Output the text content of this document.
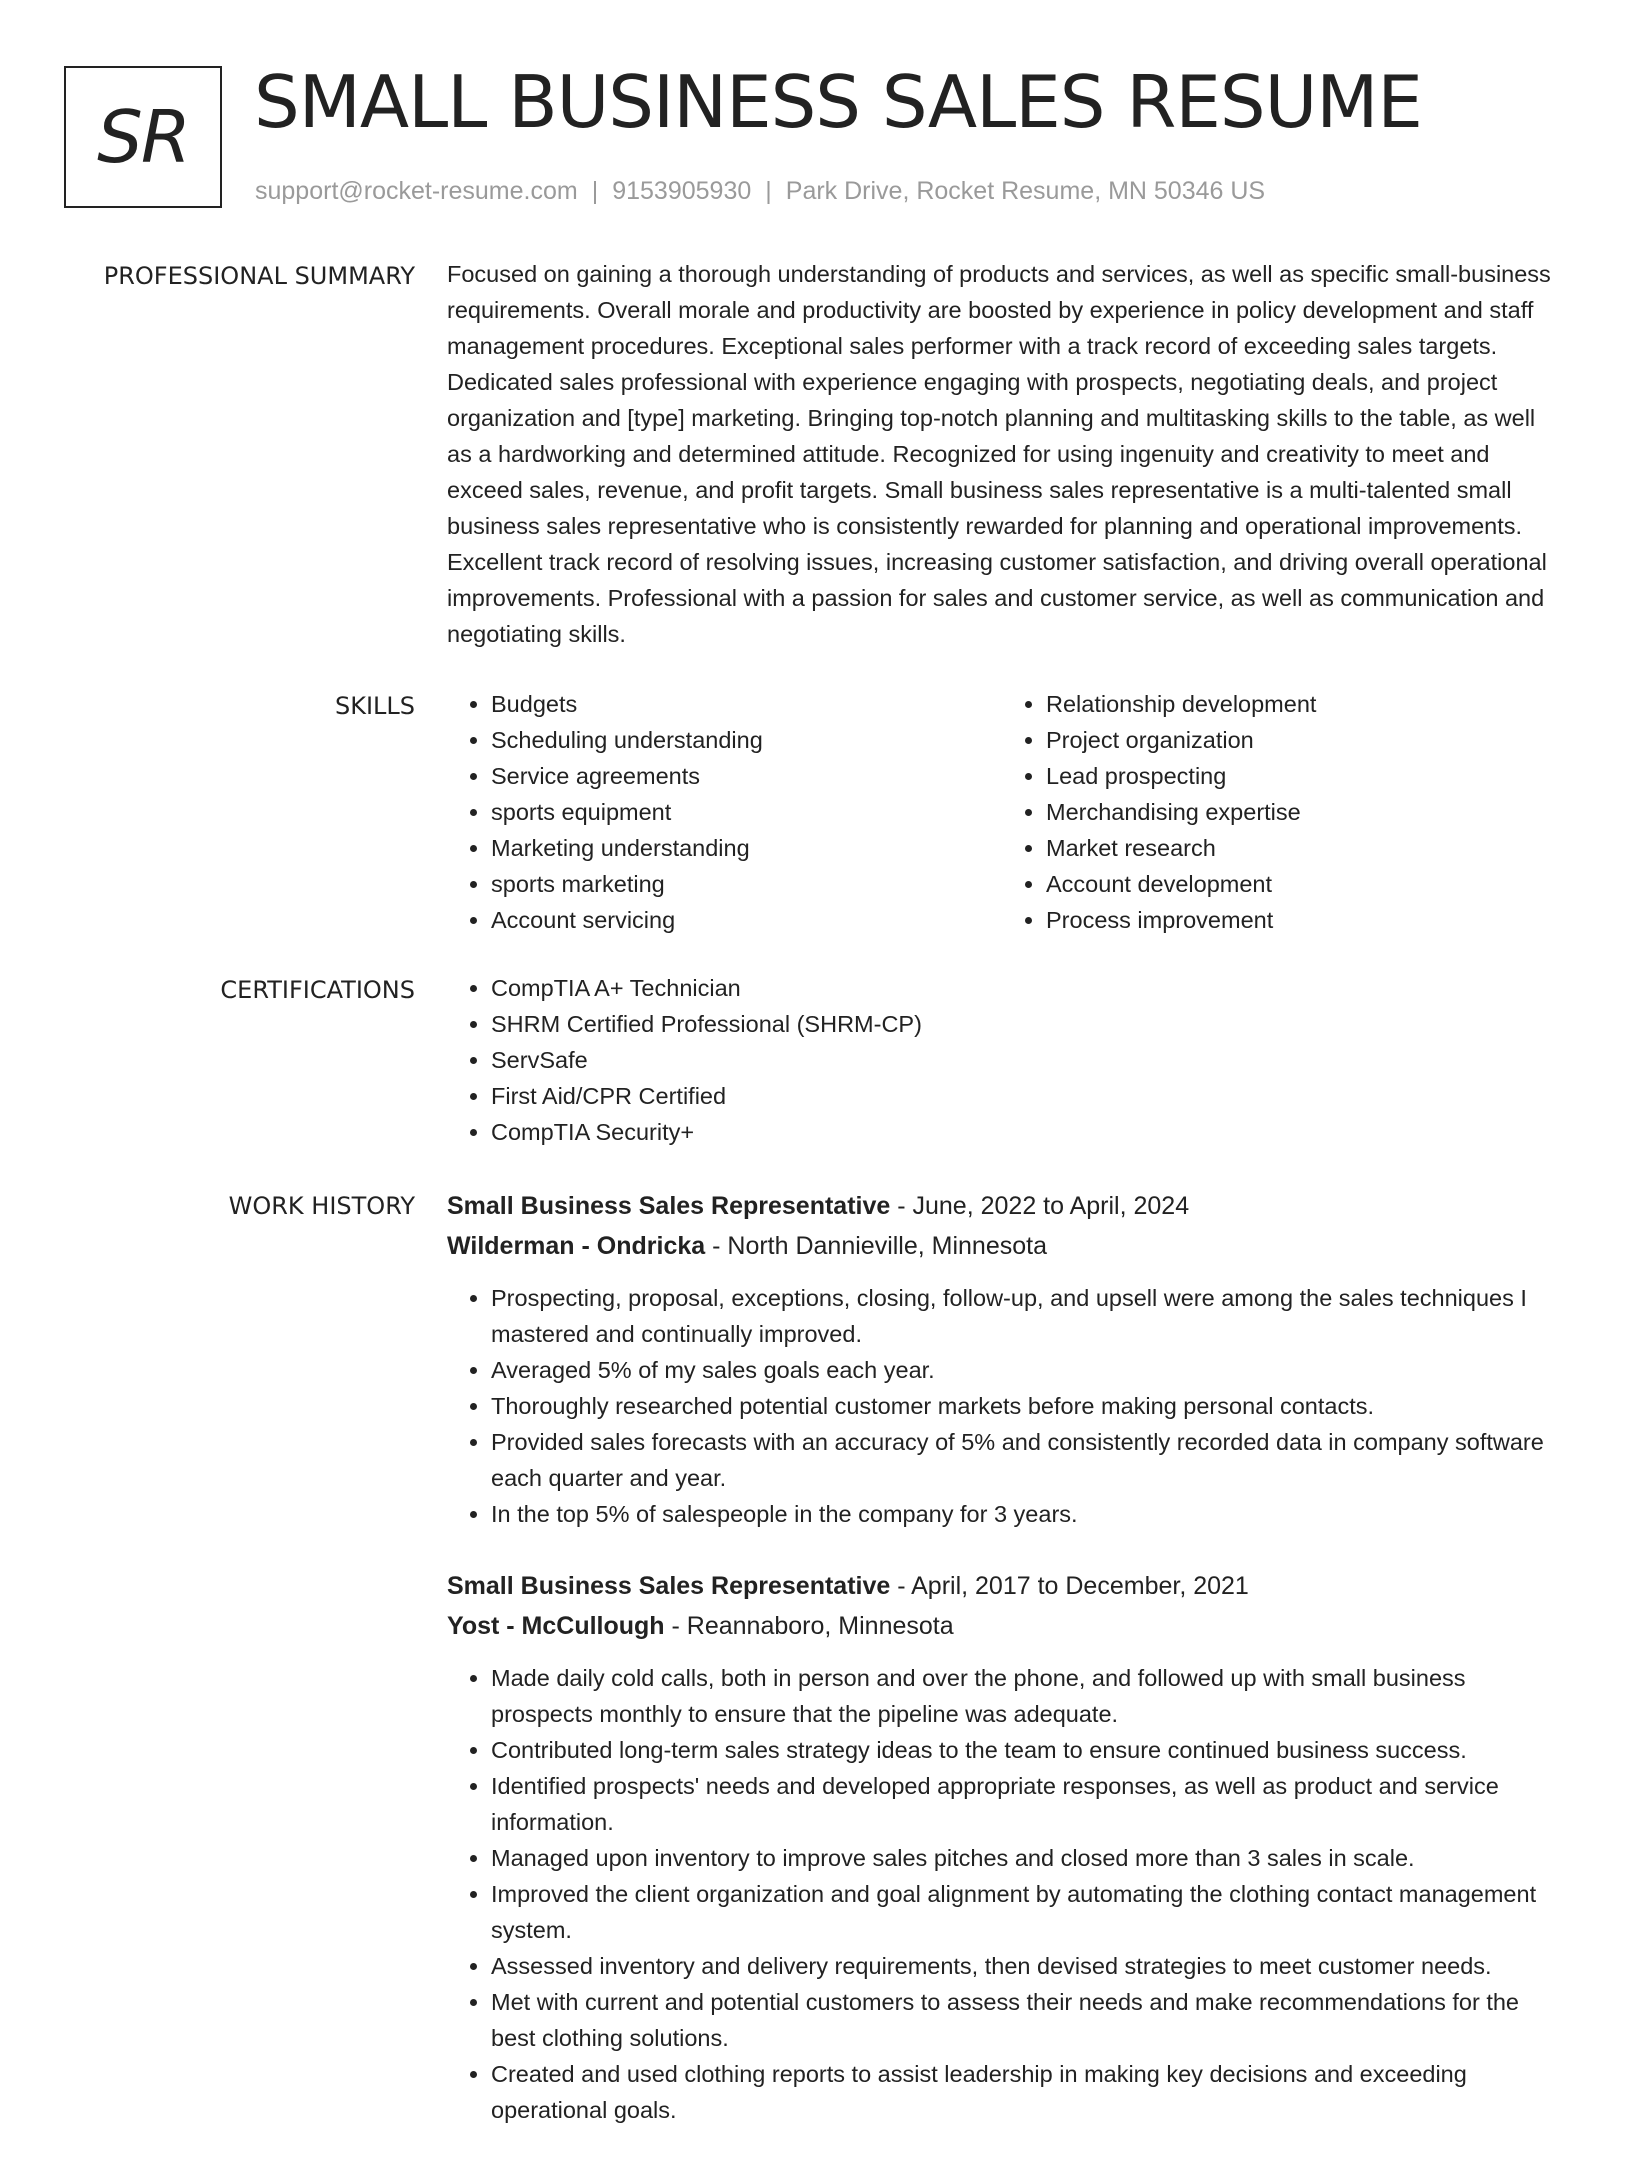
SR SMALL BUSINESS SALES RESUME
support@rocket-resume.com | 9153905930 | Park Drive, Rocket Resume, MN 50346 US
PROFESSIONAL SUMMARY Focused on gaining a thorough understanding of products and services, as well as specific small-business requirements. Overall morale and productivity are boosted by experience in policy development and staff management procedures. Exceptional sales performer with a track record of exceeding sales targets. Dedicated sales professional with experience engaging with prospects, negotiating deals, and project organization and [type] marketing. Bringing top-notch planning and multitasking skills to the table, as well as a hardworking and determined attitude. Recognized for using ingenuity and creativity to meet and exceed sales, revenue, and profit targets. Small business sales representative is a multi-talented small business sales representative who is consistently rewarded for planning and operational improvements. Excellent track record of resolving issues, increasing customer satisfaction, and driving overall operational improvements. Professional with a passion for sales and customer service, as well as communication and negotiating skills.

SKILLS	• Budgets
• Scheduling understanding
• Service agreements
• sports equipment
• Marketing understanding
• sports marketing
• Account servicing
• Relationship development
• Project organization
• Lead prospecting
• Merchandising expertise
• Market research
• Account development
• Process improvement
CERTIFICATIONS	• CompTIA A+ Technician
• SHRM Certified Professional (SHRM-CP)
• ServSafe
• First Aid/CPR Certified
• CompTIA Security+
WORK HISTORY Small Business Sales Representative - June, 2022 to April, 2024
Wilderman - Ondricka - North Dannieville, Minnesota
• Prospecting, proposal, exceptions, closing, follow-up, and upsell were among the sales techniques I mastered and continually improved.
• Averaged 5% of my sales goals each year.
• Thoroughly researched potential customer markets before making personal contacts.
• Provided sales forecasts with an accuracy of 5% and consistently recorded data in company software each quarter and year.
• In the top 5% of salespeople in the company for 3 years.
Small Business Sales Representative - April, 2017 to December, 2021
Yost - McCullough - Reannaboro, Minnesota
• Made daily cold calls, both in person and over the phone, and followed up with small business prospects monthly to ensure that the pipeline was adequate.
• Contributed long-term sales strategy ideas to the team to ensure continued business success.
• Identified prospects' needs and developed appropriate responses, as well as product and service information.
• Managed upon inventory to improve sales pitches and closed more than 3 sales in scale.
• Improved the client organization and goal alignment by automating the clothing contact management system.
• Assessed inventory and delivery requirements, then devised strategies to meet customer needs.
• Met with current and potential customers to assess their needs and make recommendations for the best clothing solutions.
• Created and used clothing reports to assist leadership in making key decisions and exceeding operational goals.
